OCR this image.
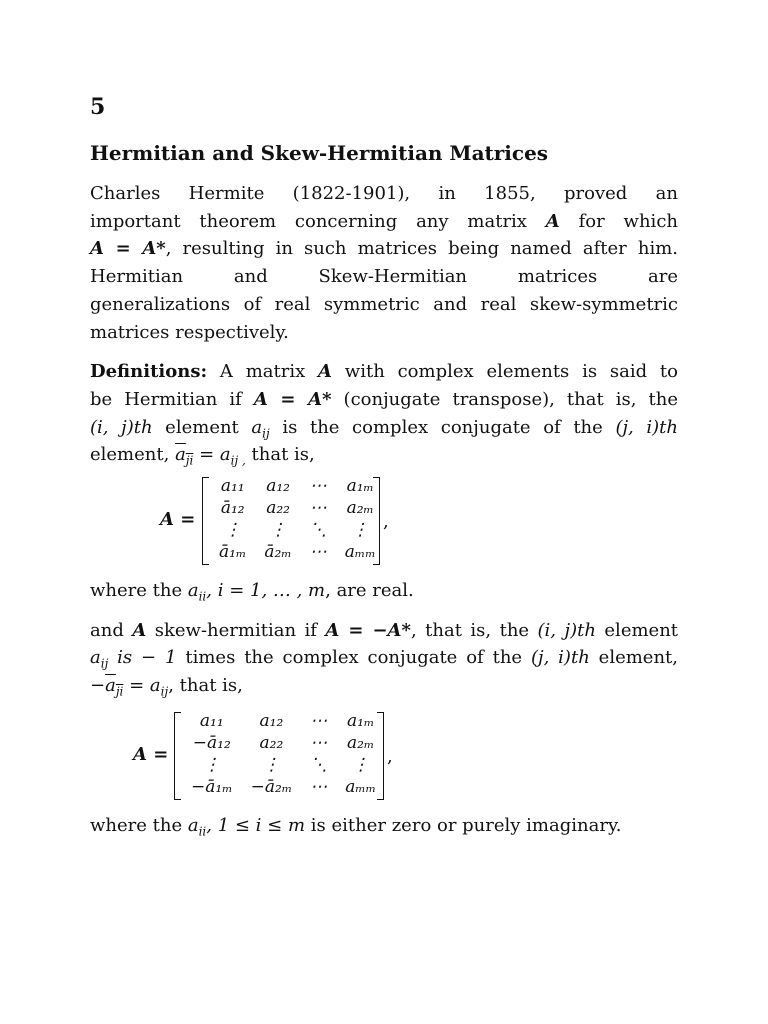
5

Hermitian and Skew-Hermitian Matrices

Charles Hermite (1822-1901), in 1855, proved an

important theorem concerning any matrix A for which

A = A*, resulting in such matrices being named after him.

Hermitian and Skew-Hermitian matrices are

generalizations of real symmetric and real skew-symmetric

matrices respectively.

Definitions: A matrix A with complex elements is said to

be Hermitian if A = A* (conjugate transpose), that is, the

(i, j)th element $a_{ij}$ is the complex conjugate of the (j, i)th

element, $a_{ji} = a_{ij ,}$ that is,

A =
a₁₁	a₁₂	⋯	a₁ₘ
ā₁₂	a₂₂	⋯	a₂ₘ
⋮	⋮	⋱	⋮
ā₁ₘ	ā₂ₘ	⋯	aₘₘ
,

where the $a_{ii}$, i = 1, … , m, are real.

and A skew-hermitian if A = −A*, that is, the (i, j)th element

$a_{ij}$ is − 1 times the complex conjugate of the (j, i)th element,

$-a_{ji} = a_{ij}$, that is,

A =
a₁₁	a₁₂	⋯	a₁ₘ
−ā₁₂	a₂₂	⋯	a₂ₘ
⋮	⋮	⋱	⋮
−ā₁ₘ	−ā₂ₘ	⋯	aₘₘ
,

where the $a_{ii}$, 1 ≤ i ≤ m is either zero or purely imaginary.
